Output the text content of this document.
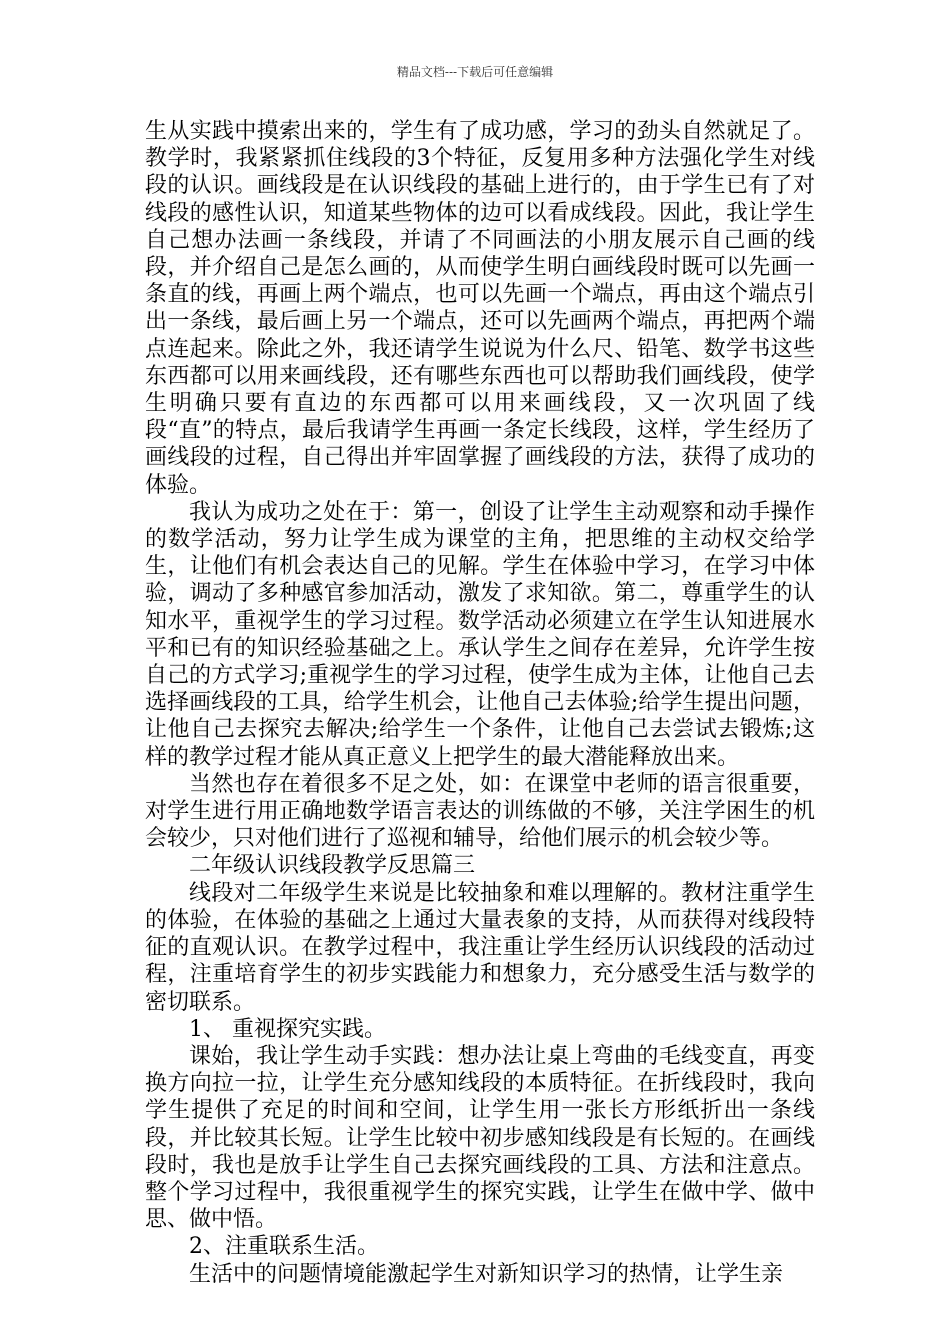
精品文档---下载后可任意编辑

生从实践中摸索出来的，学生有了成功感，学习的劲头自然就足了。教学时，我紧紧抓住线段的3个特征，反复用多种方法强化学生对线段的认识。画线段是在认识线段的基础上进行的，由于学生已有了对线段的感性认识，知道某些物体的边可以看成线段。因此，我让学生自己想办法画一条线段，并请了不同画法的小朋友展示自己画的线段，并介绍自己是怎么画的，从而使学生明白画线段时既可以先画一条直的线，再画上两个端点，也可以先画一个端点，再由这个端点引出一条线，最后画上另一个端点，还可以先画两个端点，再把两个端点连起来。除此之外，我还请学生说说为什么尺、铅笔、数学书这些东西都可以用来画线段，还有哪些东西也可以帮助我们画线段，使学生明确只要有直边的东西都可以用来画线段，又一次巩固了线段“直”的特点，最后我请学生再画一条定长线段，这样，学生经历了画线段的过程，自己得出并牢固掌握了画线段的方法，获得了成功的体验。

我认为成功之处在于：第一，创设了让学生主动观察和动手操作的数学活动，努力让学生成为课堂的主角，把思维的主动权交给学生，让他们有机会表达自己的见解。学生在体验中学习，在学习中体验，调动了多种感官参加活动，激发了求知欲。第二，尊重学生的认知水平，重视学生的学习过程。数学活动必须建立在学生认知进展水平和已有的知识经验基础之上。承认学生之间存在差异，允许学生按自己的方式学习;重视学生的学习过程，使学生成为主体，让他自己去选择画线段的工具，给学生机会，让他自己去体验;给学生提出问题，让他自己去探究去解决;给学生一个条件，让他自己去尝试去锻炼;这样的教学过程才能从真正意义上把学生的最大潜能释放出来。

当然也存在着很多不足之处，如：在课堂中老师的语言很重要，对学生进行用正确地数学语言表达的训练做的不够，关注学困生的机会较少，只对他们进行了巡视和辅导，给他们展示的机会较少等。

二年级认识线段教学反思篇三

线段对二年级学生来说是比较抽象和难以理解的。教材注重学生的体验，在体验的基础之上通过大量表象的支持，从而获得对线段特征的直观认识。在教学过程中，我注重让学生经历认识线段的活动过程，注重培育学生的初步实践能力和想象力，充分感受生活与数学的密切联系。

1、 重视探究实践。

课始，我让学生动手实践：想办法让桌上弯曲的毛线变直，再变换方向拉一拉，让学生充分感知线段的本质特征。在折线段时，我向学生提供了充足的时间和空间，让学生用一张长方形纸折出一条线段，并比较其长短。让学生比较中初步感知线段是有长短的。在画线段时，我也是放手让学生自己去探究画线段的工具、方法和注意点。整个学习过程中，我很重视学生的探究实践，让学生在做中学、做中思、做中悟。

2、注重联系生活。

生活中的问题情境能激起学生对新知识学习的热情，让学生亲
